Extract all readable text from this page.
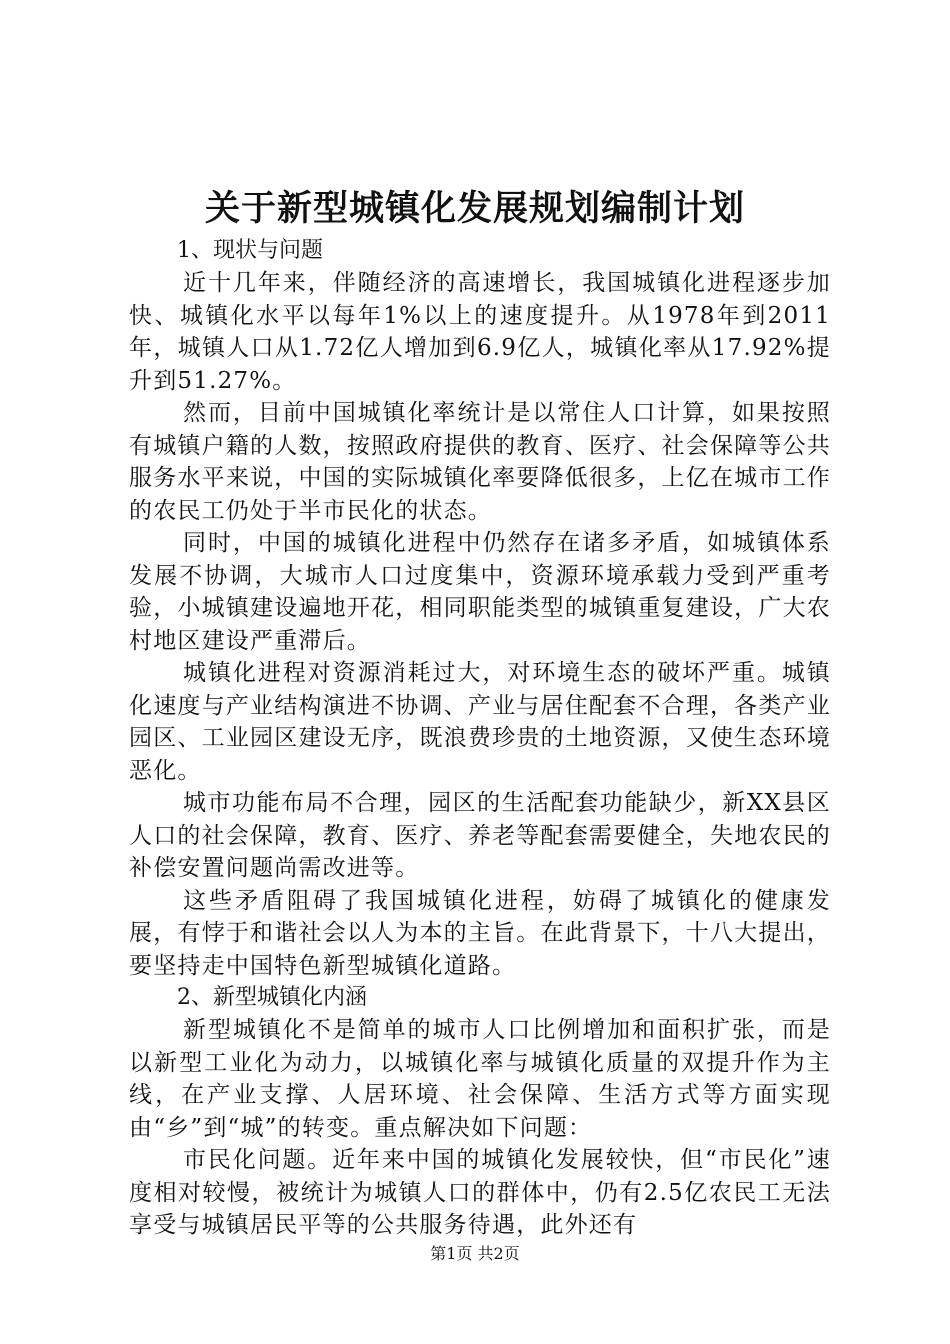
关于新型城镇化发展规划编制计划

1、现状与问题

近十几年来，伴随经济的高速增长，我国城镇化进程逐步加快、城镇化水平以每年1%以上的速度提升。从1978年到2011年，城镇人口从1.72亿人增加到6.9亿人，城镇化率从17.92%提升到51.27%。

然而，目前中国城镇化率统计是以常住人口计算，如果按照有城镇户籍的人数，按照政府提供的教育、医疗、社会保障等公共服务水平来说，中国的实际城镇化率要降低很多，上亿在城市工作的农民工仍处于半市民化的状态。

同时，中国的城镇化进程中仍然存在诸多矛盾，如城镇体系发展不协调，大城市人口过度集中，资源环境承载力受到严重考验，小城镇建设遍地开花，相同职能类型的城镇重复建设，广大农村地区建设严重滞后。

城镇化进程对资源消耗过大，对环境生态的破坏严重。城镇化速度与产业结构演进不协调、产业与居住配套不合理，各类产业园区、工业园区建设无序，既浪费珍贵的土地资源，又使生态环境恶化。

城市功能布局不合理，园区的生活配套功能缺少，新XX县区人口的社会保障，教育、医疗、养老等配套需要健全，失地农民的补偿安置问题尚需改进等。

这些矛盾阻碍了我国城镇化进程，妨碍了城镇化的健康发展，有悖于和谐社会以人为本的主旨。在此背景下，十八大提出，要坚持走中国特色新型城镇化道路。

2、新型城镇化内涵

新型城镇化不是简单的城市人口比例增加和面积扩张，而是以新型工业化为动力，以城镇化率与城镇化质量的双提升作为主线，在产业支撑、人居环境、社会保障、生活方式等方面实现由“乡”到“城”的转变。重点解决如下问题：

市民化问题。近年来中国的城镇化发展较快，但“市民化”速度相对较慢，被统计为城镇人口的群体中，仍有2.5亿农民工无法享受与城镇居民平等的公共服务待遇，此外还有

第1页 共2页
